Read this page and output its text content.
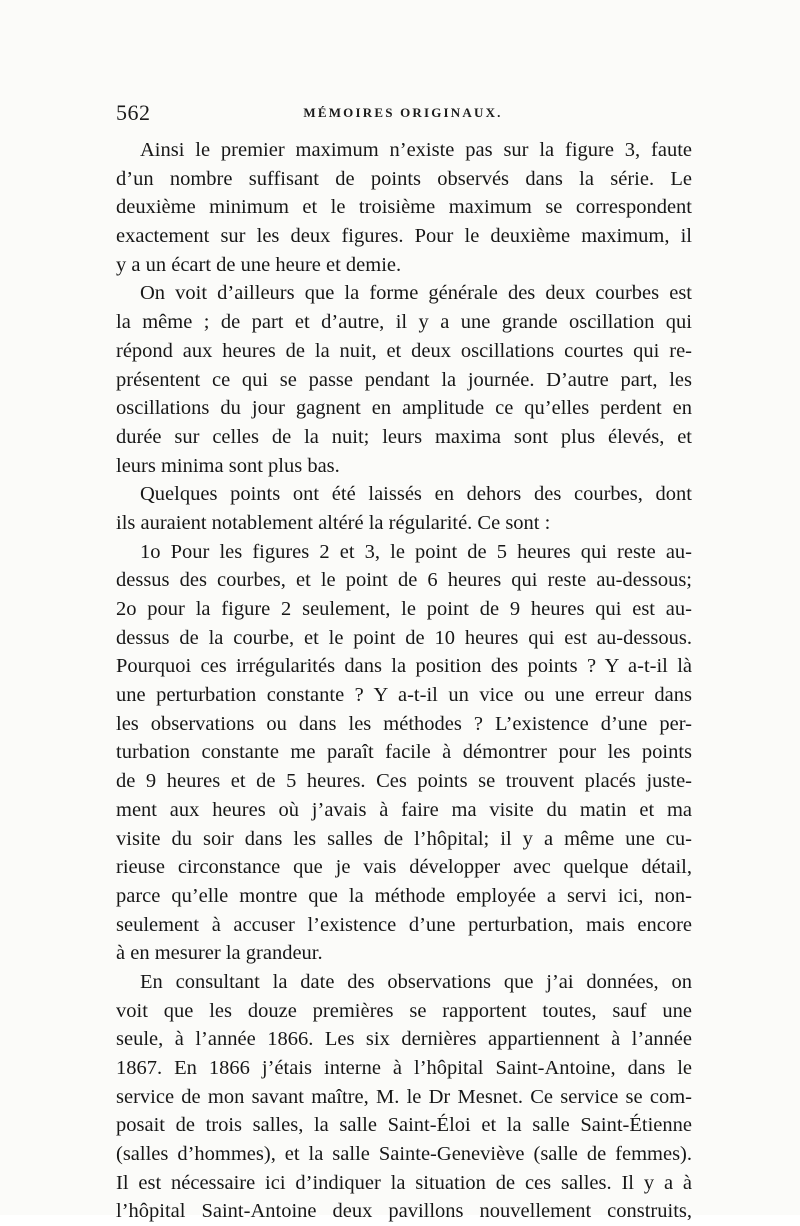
562	MÉMOIRES ORIGINAUX.
Ainsi le premier maximum n’existe pas sur la figure 3, faute
d’un nombre suffisant de points observés dans la série. Le
deuxième minimum et le troisième maximum se correspondent
exactement sur les deux figures. Pour le deuxième maximum, il
y a un écart de une heure et demie.
On voit d’ailleurs que la forme générale des deux courbes est
la même ; de part et d’autre, il y a une grande oscillation qui
répond aux heures de la nuit, et deux oscillations courtes qui re-
présentent ce qui se passe pendant la journée. D’autre part, les
oscillations du jour gagnent en amplitude ce qu’elles perdent en
durée sur celles de la nuit; leurs maxima sont plus élevés, et
leurs minima sont plus bas.
Quelques points ont été laissés en dehors des courbes, dont
ils auraient notablement altéré la régularité. Ce sont :
1o Pour les figures 2 et 3, le point de 5 heures qui reste au-
dessus des courbes, et le point de 6 heures qui reste au-dessous;
2o pour la figure 2 seulement, le point de 9 heures qui est au-
dessus de la courbe, et le point de 10 heures qui est au-dessous.
Pourquoi ces irrégularités dans la position des points ? Y a-t-il là
une perturbation constante ? Y a-t-il un vice ou une erreur dans
les observations ou dans les méthodes ? L’existence d’une per-
turbation constante me paraît facile à démontrer pour les points
de 9 heures et de 5 heures. Ces points se trouvent placés juste-
ment aux heures où j’avais à faire ma visite du matin et ma
visite du soir dans les salles de l’hôpital; il y a même une cu-
rieuse circonstance que je vais développer avec quelque détail,
parce qu’elle montre que la méthode employée a servi ici, non-
seulement à accuser l’existence d’une perturbation, mais encore
à en mesurer la grandeur.
En consultant la date des observations que j’ai données, on
voit que les douze premières se rapportent toutes, sauf une
seule, à l’année 1866. Les six dernières appartiennent à l’année
1867. En 1866 j’étais interne à l’hôpital Saint-Antoine, dans le
service de mon savant maître, M. le Dr Mesnet. Ce service se com-
posait de trois salles, la salle Saint-Éloi et la salle Saint-Étienne
(salles d’hommes), et la salle Sainte-Geneviève (salle de femmes).
Il est nécessaire ici d’indiquer la situation de ces salles. Il y a à
l’hôpital Saint-Antoine deux pavillons nouvellement construits,
